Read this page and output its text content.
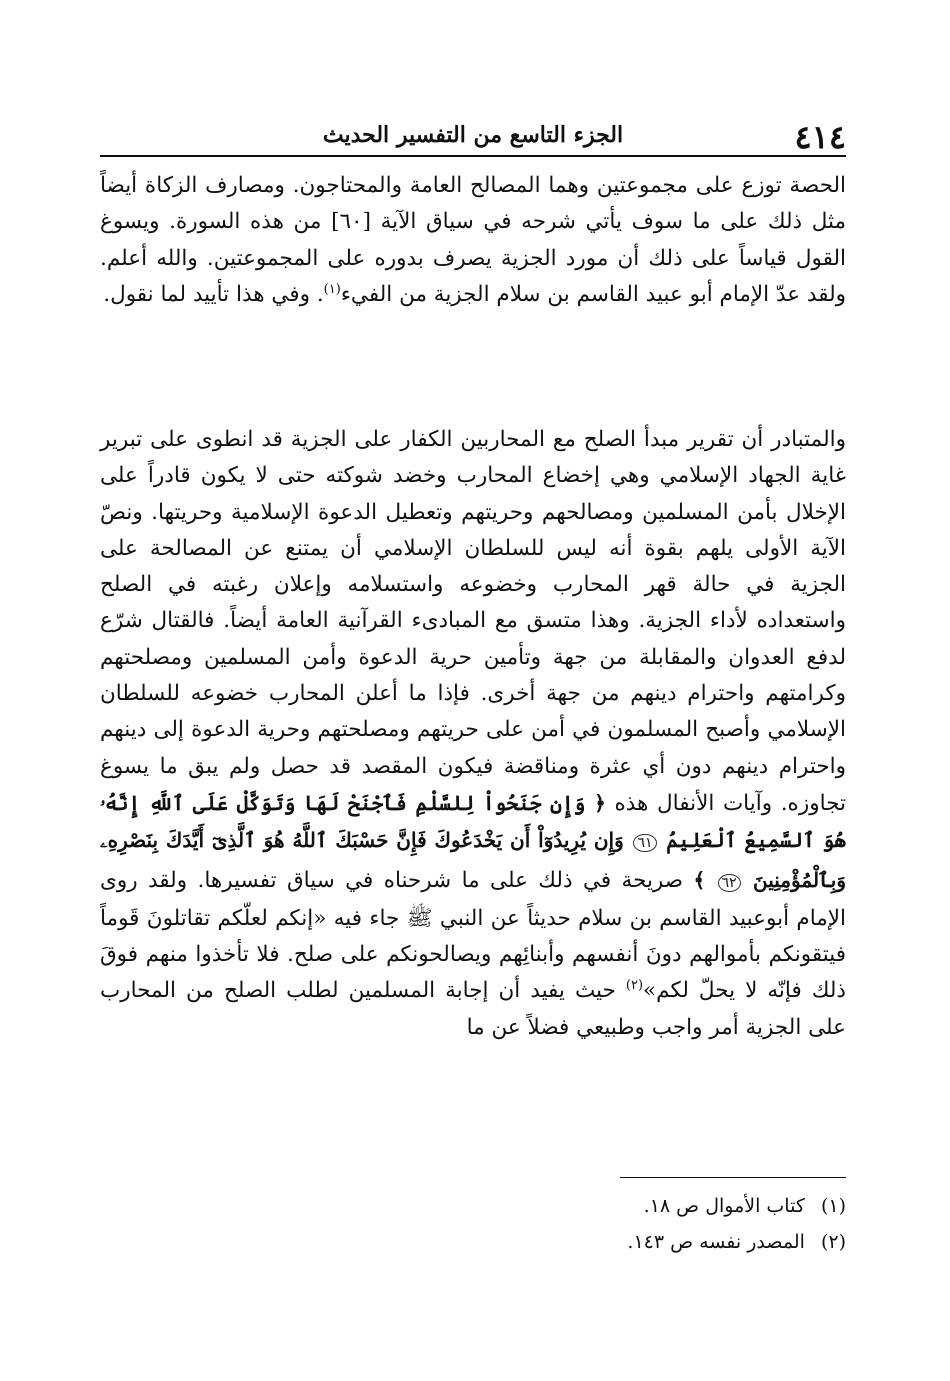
٤١٤
الجزء التاسع من التفسير الحديث

الحصة توزع على مجموعتين وهما المصالح العامة والمحتاجون. ومصارف الزكاة أيضاً مثل ذلك على ما سوف يأتي شرحه في سياق الآية [٦٠] من هذه السورة. ويسوغ القول قياساً على ذلك أن مورد الجزية يصرف بدوره على المجموعتين. والله أعلم. ولقد عدّ الإمام أبو عبيد القاسم بن سلام الجزية من الفيء$^{(١)}$. وفي هذا تأييد لما نقول.

والمتبادر أن تقرير مبدأ الصلح مع المحاربين الكفار على الجزية قد انطوى على تبرير غاية الجهاد الإسلامي وهي إخضاع المحارب وخضد شوكته حتى لا يكون قادراً على الإخلال بأمن المسلمين ومصالحهم وحريتهم وتعطيل الدعوة الإسلامية وحريتها. ونصّ الآية الأولى يلهم بقوة أنه ليس للسلطان الإسلامي أن يمتنع عن المصالحة على الجزية في حالة قهر المحارب وخضوعه واستسلامه وإعلان رغبته في الصلح واستعداده لأداء الجزية. وهذا متسق مع المبادىء القرآنية العامة أيضاً. فالقتال شرّع لدفع العدوان والمقابلة من جهة وتأمين حرية الدعوة وأمن المسلمين ومصلحتهم وكرامتهم واحترام دينهم من جهة أخرى. فإذا ما أعلن المحارب خضوعه للسلطان الإسلامي وأصبح المسلمون في أمن على حريتهم ومصلحتهم وحرية الدعوة إلى دينهم واحترام دينهم دون أي عثرة ومناقضة فيكون المقصد قد حصل ولم يبق ما يسوغ تجاوزه. وآيات الأنفال هذه ﴿ وَإِن جَنَحُواْ لِلسَّلْمِ فَٱجْنَحْ لَهَا وَتَوَكَّلْ عَلَى ٱللَّهِ إِنَّهُۥ هُوَ ٱلسَّمِيعُ ٱلْعَلِيمُ ٦١ وَإِن يُرِيدُوٓاْ أَن يَخْدَعُوكَ فَإِنَّ حَسْبَكَ ٱللَّهُ هُوَ ٱلَّذِىٓ أَيَّدَكَ بِنَصْرِهِۦ وَبِٱلْمُؤْمِنِينَ ٦٢ ﴾ صريحة في ذلك على ما شرحناه في سياق تفسيرها. ولقد روى الإمام أبوعبيد القاسم بن سلام حديثاً عن النبي ﷺ جاء فيه «إنكم لعلّكم تقاتلونَ قَوماً فيتقونكم بأموالهم دونَ أنفسهم وأبنائِهم ويصالحونكم على صلح. فلا تأخذوا منهم فوقَ ذلك فإنّه لا يحلّ لكم»$^{(٢)}$ حيث يفيد أن إجابة المسلمين لطلب الصلح من المحارب على الجزية أمر واجب وطبيعي فضلاً عن ما

(١) كتاب الأموال ص ١٨.
(٢) المصدر نفسه ص ١٤٣.
